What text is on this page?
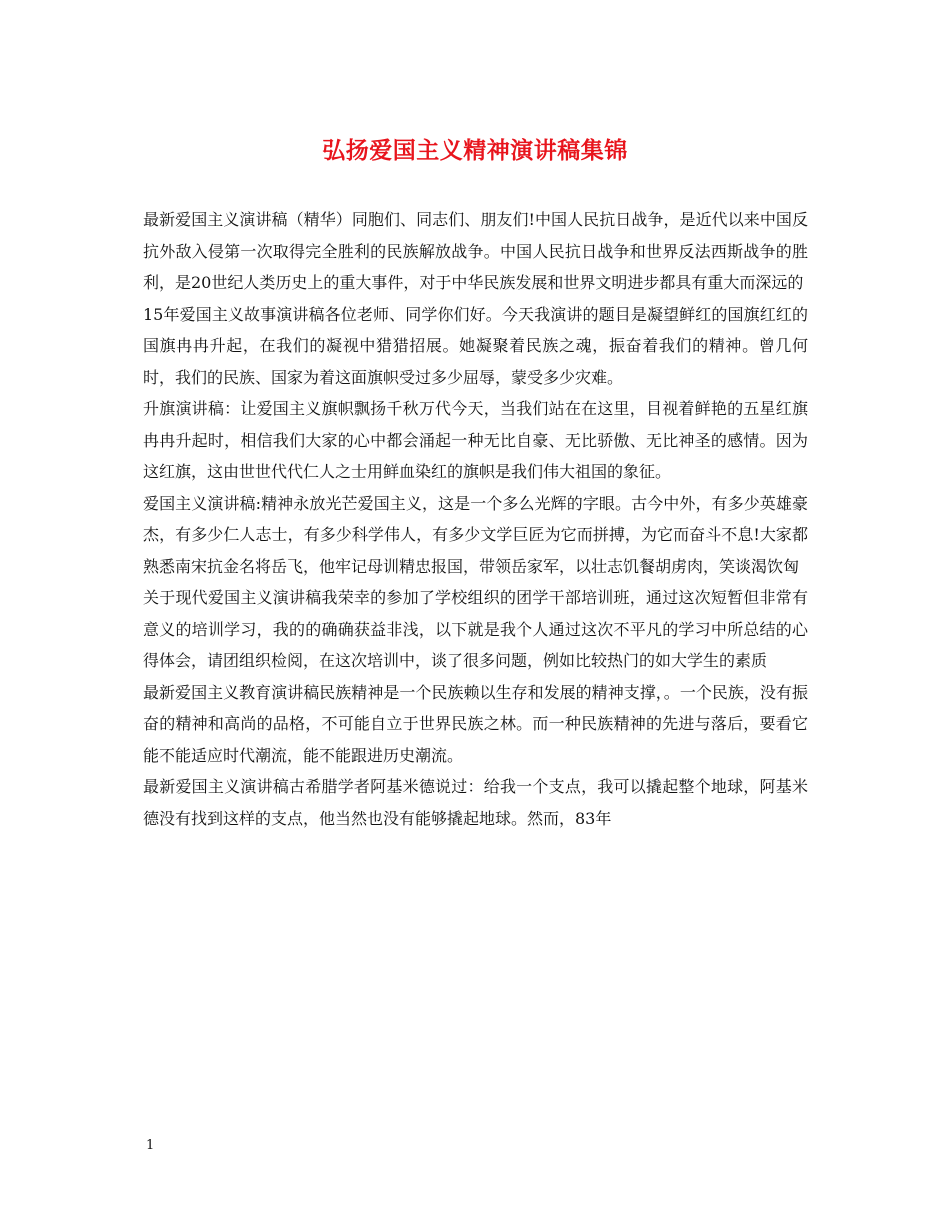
弘扬爱国主义精神演讲稿集锦

最新爱国主义演讲稿（精华）同胞们、同志们、朋友们!中国人民抗日战争，是近代以来中国反抗外敌入侵第一次取得完全胜利的民族解放战争。中国人民抗日战争和世界反法西斯战争的胜利，是20世纪人类历史上的重大事件，对于中华民族发展和世界文明进步都具有重大而深远的

15年爱国主义故事演讲稿各位老师、同学你们好。今天我演讲的题目是凝望鲜红的国旗红红的国旗冉冉升起，在我们的凝视中猎猎招展。她凝聚着民族之魂，振奋着我们的精神。曾几何时，我们的民族、国家为着这面旗帜受过多少屈辱，蒙受多少灾难。

升旗演讲稿：让爱国主义旗帜飘扬千秋万代今天，当我们站在在这里，目视着鲜艳的五星红旗冉冉升起时，相信我们大家的心中都会涌起一种无比自豪、无比骄傲、无比神圣的感情。因为这红旗，这由世世代代仁人之士用鲜血染红的旗帜是我们伟大祖国的象征。

爱国主义演讲稿:精神永放光芒爱国主义，这是一个多么光辉的字眼。古今中外，有多少英雄豪杰，有多少仁人志士，有多少科学伟人，有多少文学巨匠为它而拼搏，为它而奋斗不息!大家都熟悉南宋抗金名将岳飞，他牢记母训精忠报国，带领岳家军，以壮志饥餐胡虏肉，笑谈渴饮匈

关于现代爱国主义演讲稿我荣幸的参加了学校组织的团学干部培训班，通过这次短暂但非常有意义的培训学习，我的的确确获益非浅，以下就是我个人通过这次不平凡的学习中所总结的心得体会，请团组织检阅，在这次培训中，谈了很多问题，例如比较热门的如大学生的素质

最新爱国主义教育演讲稿民族精神是一个民族赖以生存和发展的精神支撑，。一个民族，没有振奋的精神和高尚的品格，不可能自立于世界民族之林。而一种民族精神的先进与落后，要看它能不能适应时代潮流，能不能跟进历史潮流。

最新爱国主义演讲稿古希腊学者阿基米德说过：给我一个支点，我可以撬起整个地球，阿基米德没有找到这样的支点，他当然也没有能够撬起地球。然而，83年

1
